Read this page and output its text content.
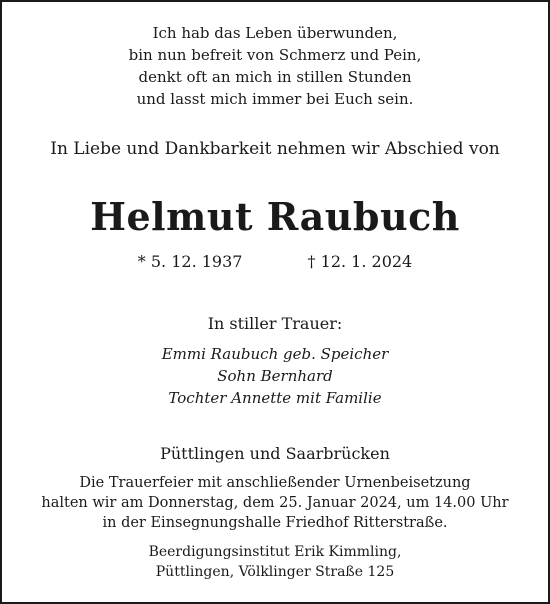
Ich hab das Leben überwunden,
bin nun befreit von Schmerz und Pein,
denkt oft an mich in stillen Stunden
und lasst mich immer bei Euch sein.
In Liebe und Dankbarkeit nehmen wir Abschied von
Helmut Raubuch
* 5. 12. 1937	† 12. 1. 2024
In stiller Trauer:
Emmi Raubuch geb. Speicher
Sohn Bernhard
Tochter Annette mit Familie
Püttlingen und Saarbrücken
Die Trauerfeier mit anschließender Urnenbeisetzung
halten wir am Donnerstag, dem 25. Januar 2024, um 14.00 Uhr
in der Einsegnungshalle Friedhof Ritterstraße.
Beerdigungsinstitut Erik Kimmling,
Püttlingen, Völklinger Straße 125
